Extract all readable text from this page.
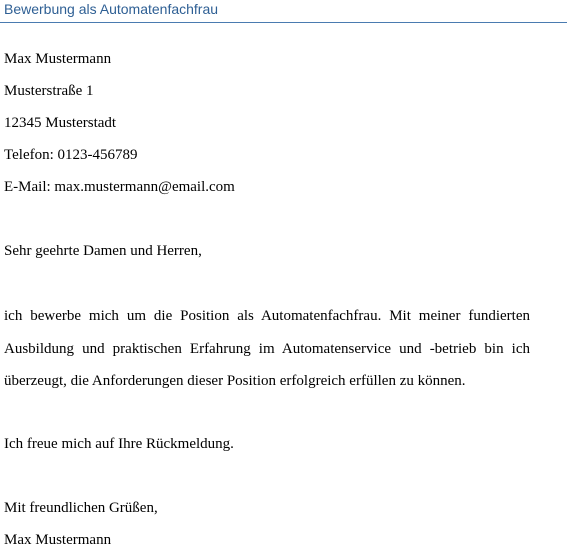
Bewerbung als Automatenfachfrau
Max Mustermann
Musterstraße 1
12345 Musterstadt
Telefon: 0123-456789
E-Mail: max.mustermann@email.com
Sehr geehrte Damen und Herren,
ich bewerbe mich um die Position als Automatenfachfrau. Mit meiner fundierten
Ausbildung und praktischen Erfahrung im Automatenservice und -betrieb bin ich
überzeugt, die Anforderungen dieser Position erfolgreich erfüllen zu können.
Ich freue mich auf Ihre Rückmeldung.
Mit freundlichen Grüßen,
Max Mustermann
